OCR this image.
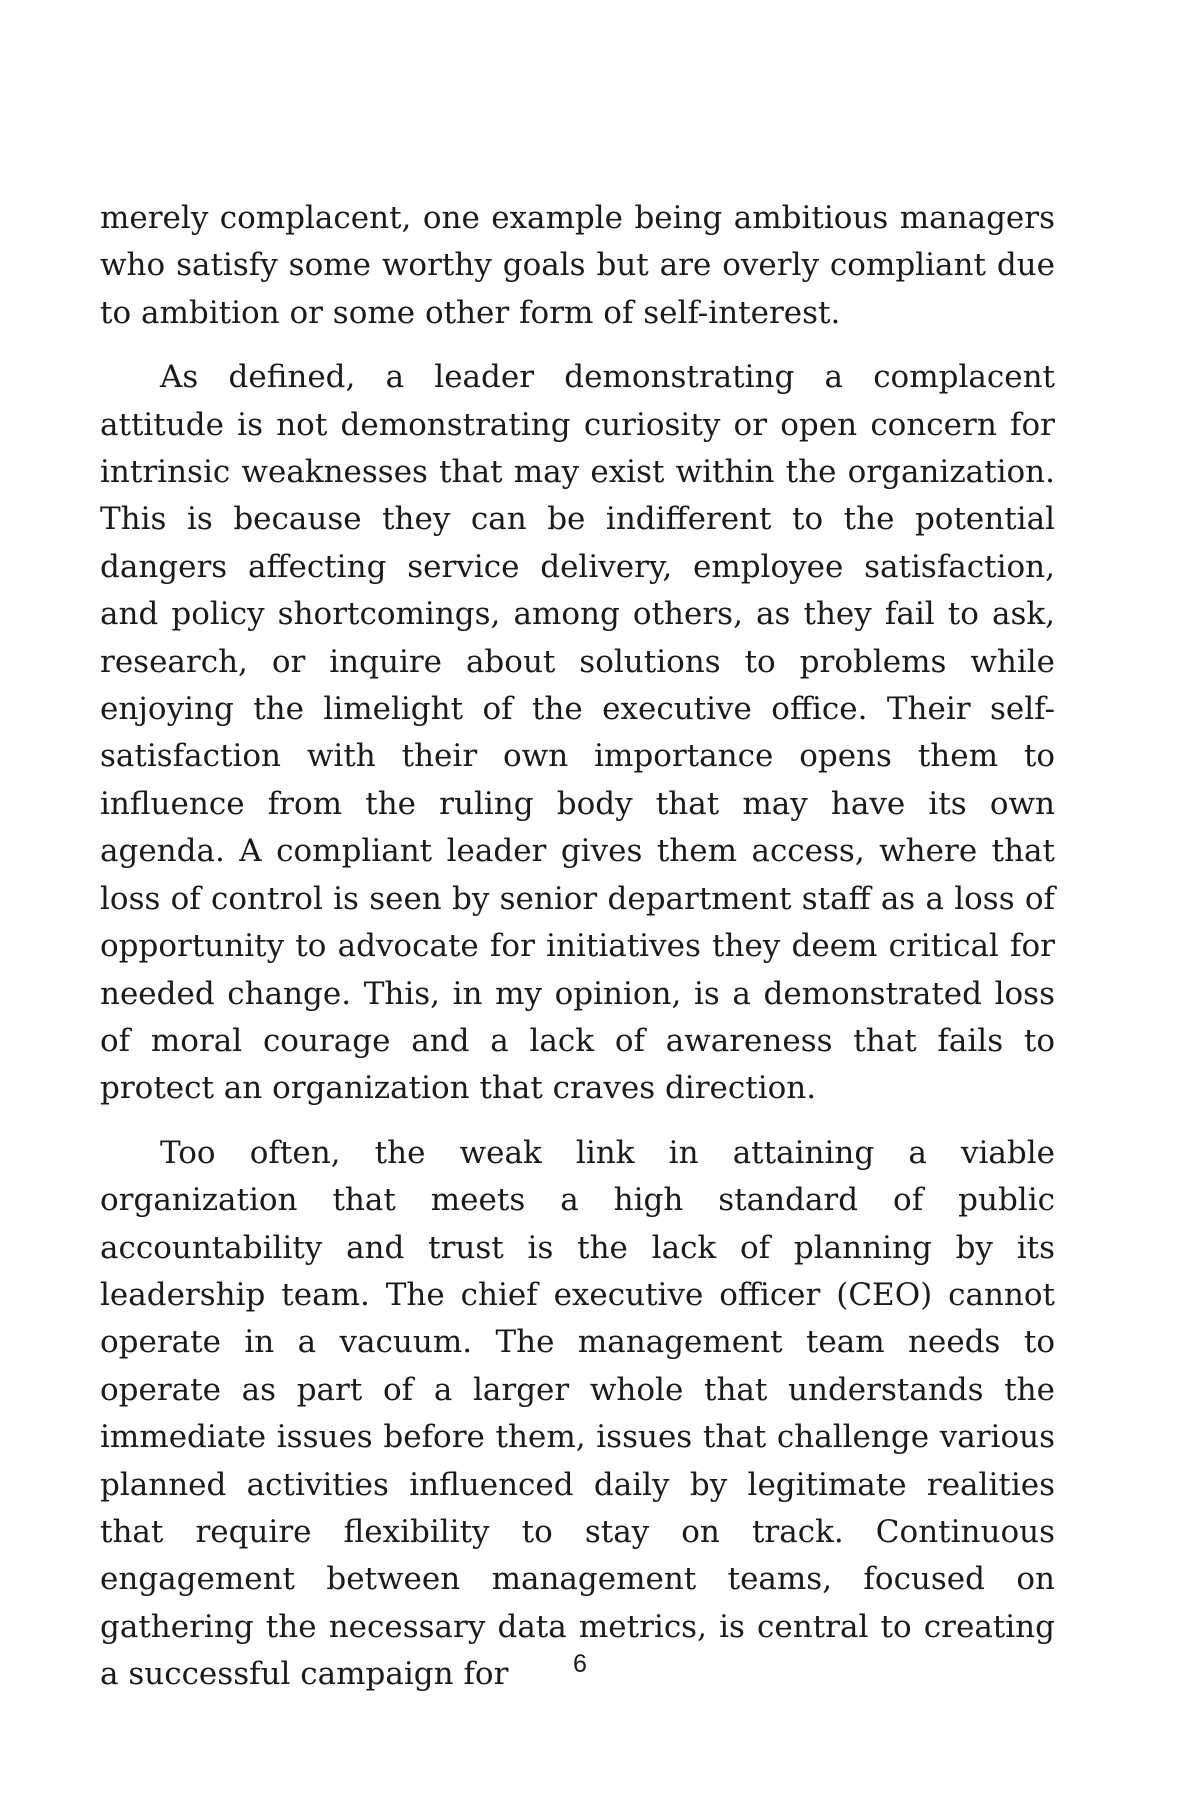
merely complacent, one example being ambitious managers who satisfy some worthy goals but are overly compliant due to ambition or some other form of self-interest.

As defined, a leader demonstrating a complacent attitude is not demonstrating curiosity or open concern for intrinsic weaknesses that may exist within the organization. This is because they can be indifferent to the potential dangers affecting service delivery, employee satisfaction, and policy shortcomings, among others, as they fail to ask, research, or inquire about solutions to problems while enjoying the limelight of the executive office. Their self-satisfaction with their own importance opens them to influence from the ruling body that may have its own agenda. A compliant leader gives them access, where that loss of control is seen by senior department staff as a loss of opportunity to advocate for initiatives they deem critical for needed change. This, in my opinion, is a demonstrated loss of moral courage and a lack of awareness that fails to protect an organization that craves direction.

Too often, the weak link in attaining a viable organization that meets a high standard of public accountability and trust is the lack of planning by its leadership team. The chief executive officer (CEO) cannot operate in a vacuum. The management team needs to operate as part of a larger whole that understands the immediate issues before them, issues that challenge various planned activities influenced daily by legitimate realities that require flexibility to stay on track. Continuous engagement between management teams, focused on gathering the necessary data metrics, is central to creating a successful campaign for	6
